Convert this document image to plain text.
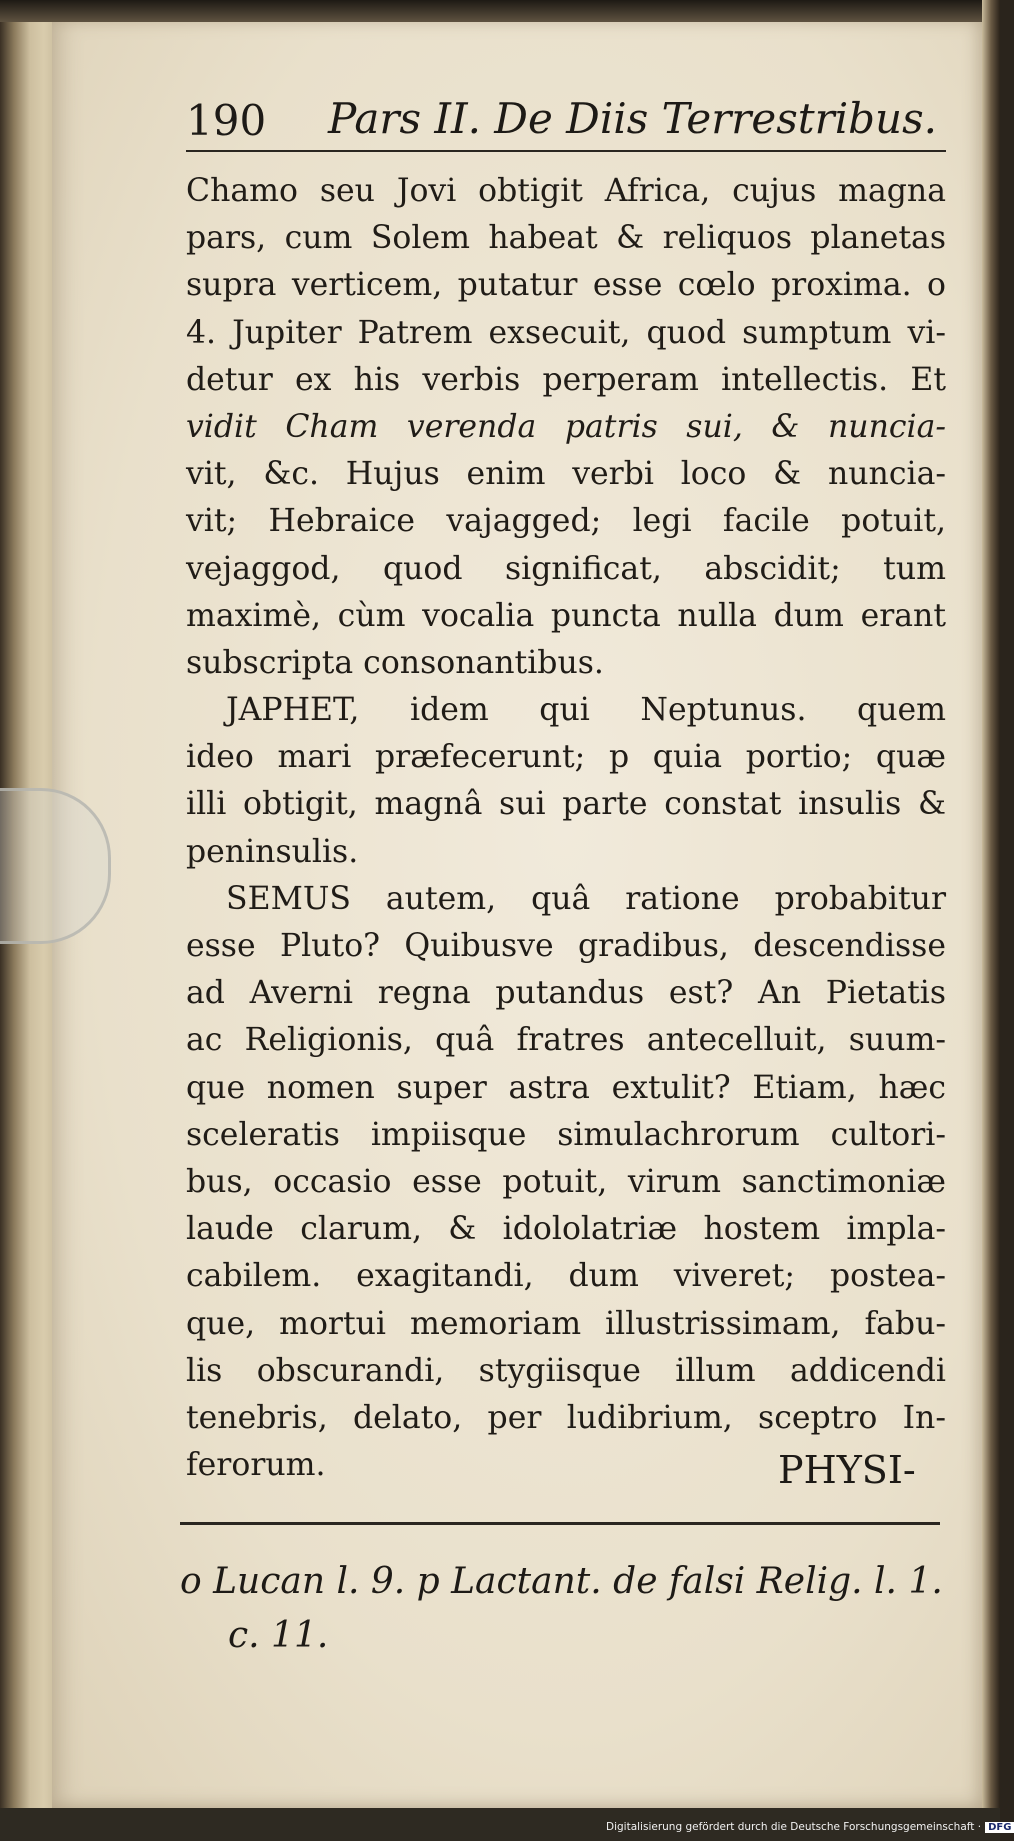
190 Pars II. De Diis Terrestribus.
Chamo seu Jovi obtigit Africa, cujus magna
pars, cum Solem habeat & reliquos planetas
supra verticem, putatur esse cœlo proxima. o
4. Jupiter Patrem exsecuit, quod sumptum vi-
detur ex his verbis perperam intellectis. Et
vidit Cham verenda patris sui, & nuncia-
vit, &c. Hujus enim verbi loco & nuncia-
vit; Hebraice vajagged; legi facile potuit,
vejaggod, quod significat, abscidit; tum
maximè, cùm vocalia puncta nulla dum erant
subscripta consonantibus.
JAPHET, idem qui Neptunus. quem
ideo mari præfecerunt; p quia portio; quæ
illi obtigit, magnâ sui parte constat insulis &
peninsulis.
SEMUS autem, quâ ratione probabitur
esse Pluto? Quibusve gradibus, descendisse
ad Averni regna putandus est? An Pietatis
ac Religionis, quâ fratres antecelluit, suum-
que nomen super astra extulit? Etiam, hæc
sceleratis impiisque simulachrorum cultori-
bus, occasio esse potuit, virum sanctimoniæ
laude clarum, & idololatriæ hostem impla-
cabilem. exagitandi, dum viveret; postea-
que, mortui memoriam illustrissimam, fabu-
lis obscurandi, stygiisque illum addicendi
tenebris, delato, per ludibrium, sceptro In-
ferorum.	PHYSI-
o Lucan l. 9. p Lactant. de falsi Relig. l. 1.
c. 11.
Digitalisierung gefördert durch die Deutsche Forschungsgemeinschaft · DFG
